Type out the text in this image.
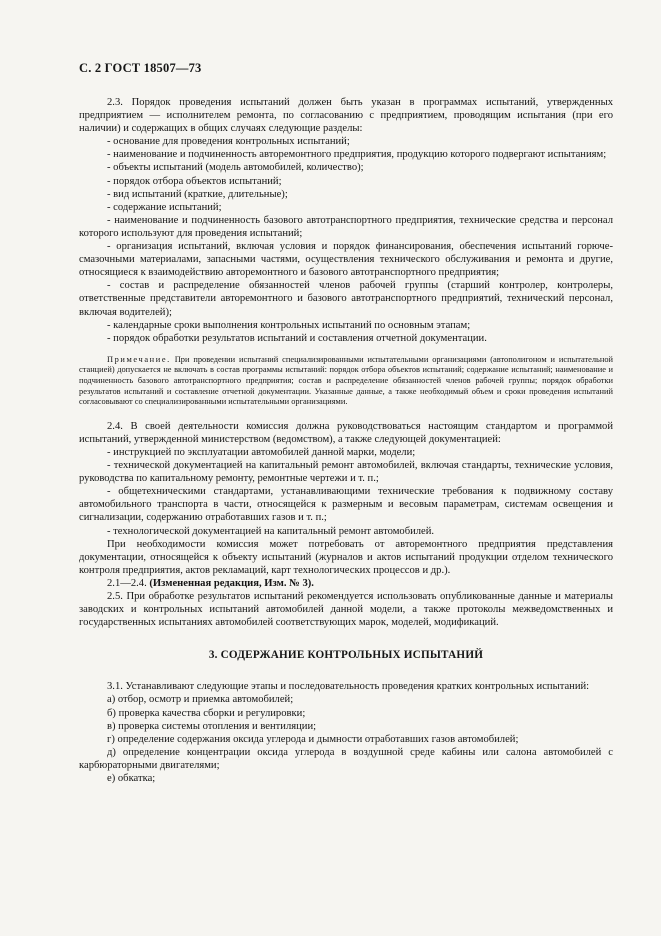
С. 2 ГОСТ 18507—73

2.3. Порядок проведения испытаний должен быть указан в программах испытаний, утвержденных предприятием — исполнителем ремонта, по согласованию с предприятием, проводящим испытания (при его наличии) и содержащих в общих случаях следующие разделы:

- основание для проведения контрольных испытаний;

- наименование и подчиненность авторемонтного предприятия, продукцию которого подвергают испытаниям;

- объекты испытаний (модель автомобилей, количество);

- порядок отбора объектов испытаний;

- вид испытаний (краткие, длительные);

- содержание испытаний;

- наименование и подчиненность базового автотранспортного предприятия, технические средства и персонал которого используют для проведения испытаний;

- организация испытаний, включая условия и порядок финансирования, обеспечения испытаний горюче-смазочными материалами, запасными частями, осуществления технического обслуживания и ремонта и другие, относящиеся к взаимодействию авторемонтного и базового автотранспортного предприятия;

- состав и распределение обязанностей членов рабочей группы (старший контролер, контролеры, ответственные представители авторемонтного и базового автотранспортного предприятий, технический персонал, включая водителей);

- календарные сроки выполнения контрольных испытаний по основным этапам;

- порядок обработки результатов испытаний и составления отчетной документации.

Примечание. При проведении испытаний специализированными испытательными организациями (автополигоном и испытательной станцией) допускается не включать в состав программы испытаний: порядок отбора объектов испытаний; содержание испытаний; наименование и подчиненность базового автотранспортного предприятия; состав и распределение обязанностей членов рабочей группы; порядок обработки результатов испытаний и составление отчетной документации. Указанные данные, а также необходимый объем и сроки проведения испытаний согласовывают со специализированными испытательными организациями.

2.4. В своей деятельности комиссия должна руководствоваться настоящим стандартом и программой испытаний, утвержденной министерством (ведомством), а также следующей документацией:

- инструкцией по эксплуатации автомобилей данной марки, модели;

- технической документацией на капитальный ремонт автомобилей, включая стандарты, технические условия, руководства по капитальному ремонту, ремонтные чертежи и т. п.;

- общетехническими стандартами, устанавливающими технические требования к подвижному составу автомобильного транспорта в части, относящейся к размерным и весовым параметрам, системам освещения и сигнализации, содержанию отработавших газов и т. п.;

- технологической документацией на капитальный ремонт автомобилей.

При необходимости комиссия может потребовать от авторемонтного предприятия представления документации, относящейся к объекту испытаний (журналов и актов испытаний продукции отделом технического контроля предприятия, актов рекламаций, карт технологических процессов и др.).

2.1—2.4. (Измененная редакция, Изм. № 3).

2.5. При обработке результатов испытаний рекомендуется использовать опубликованные данные и материалы заводских и контрольных испытаний автомобилей данной модели, а также протоколы межведомственных и государственных испытаниях автомобилей соответствующих марок, моделей, модификаций.

3. СОДЕРЖАНИЕ КОНТРОЛЬНЫХ ИСПЫТАНИЙ

3.1. Устанавливают следующие этапы и последовательность проведения кратких контрольных испытаний:

а) отбор, осмотр и приемка автомобилей;

б) проверка качества сборки и регулировки;

в) проверка системы отопления и вентиляции;

г) определение содержания оксида углерода и дымности отработавших газов автомобилей;

д) определение концентрации оксида углерода в воздушной среде кабины или салона автомобилей с карбюраторными двигателями;

е) обкатка;
